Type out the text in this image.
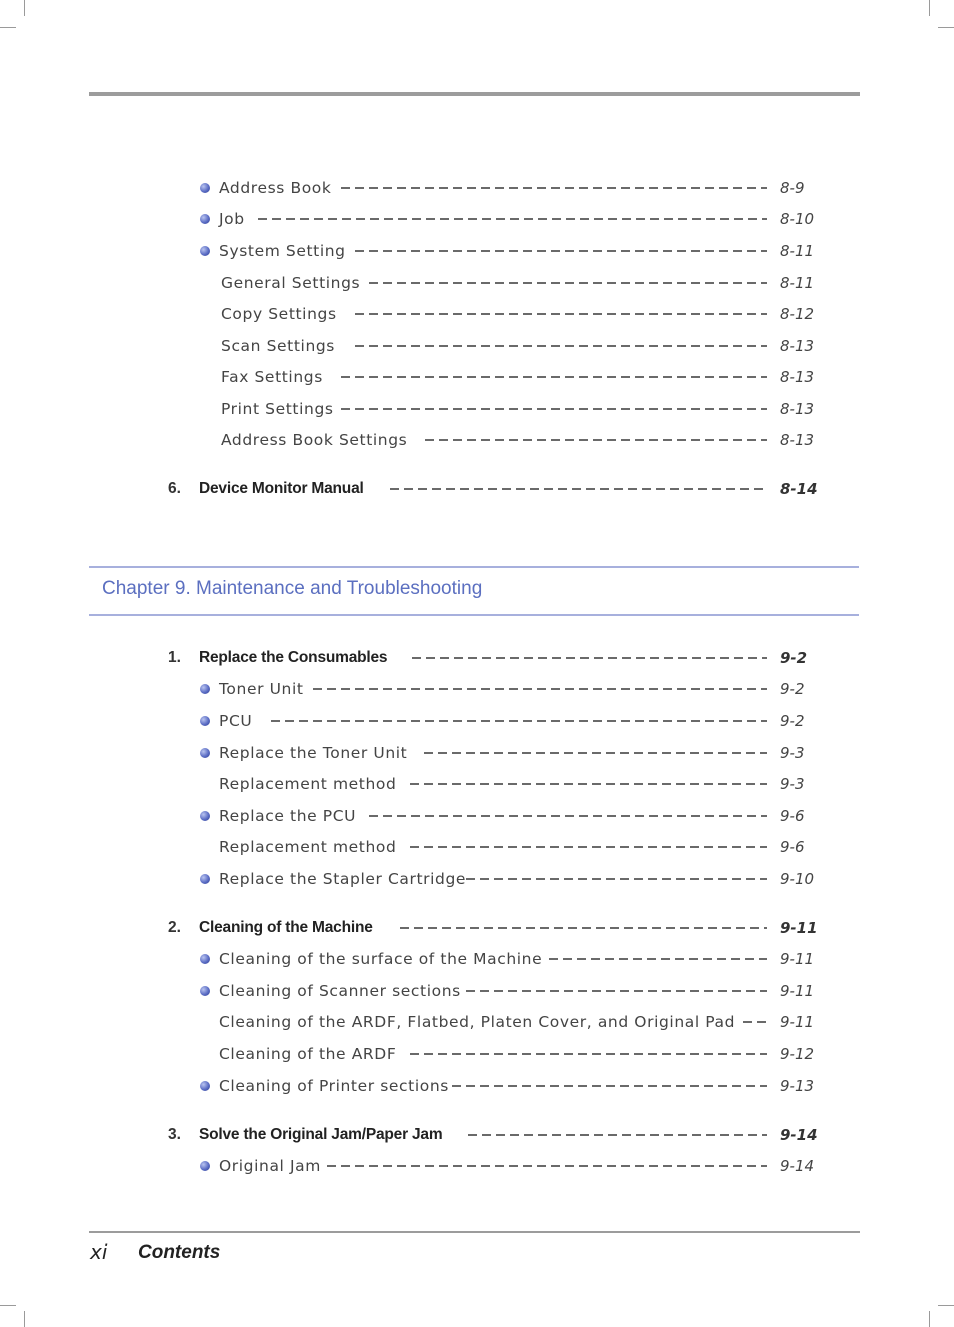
Address Book	8-9
Job	8-10
System Setting	8-11
General Settings	8-11
Copy Settings	8-12
Scan Settings	8-13
Fax Settings	8-13
Print Settings	8-13
Address Book Settings	8-13
6. Device Monitor Manual	8-14
Chapter 9. Maintenance and Troubleshooting
1. Replace the Consumables	9-2
Toner Unit	9-2
PCU	9-2
Replace the Toner Unit	9-3
Replacement method	9-3
Replace the PCU	9-6
Replacement method	9-6
Replace the Stapler Cartridge	9-10
2. Cleaning of the Machine	9-11
Cleaning of the surface of the Machine	9-11
Cleaning of Scanner sections	9-11
Cleaning of the ARDF, Flatbed, Platen Cover, and Original Pad	9-11
Cleaning of the ARDF	9-12
Cleaning of Printer sections	9-13
3. Solve the Original Jam/Paper Jam	9-14
Original Jam	9-14
xi Contents
